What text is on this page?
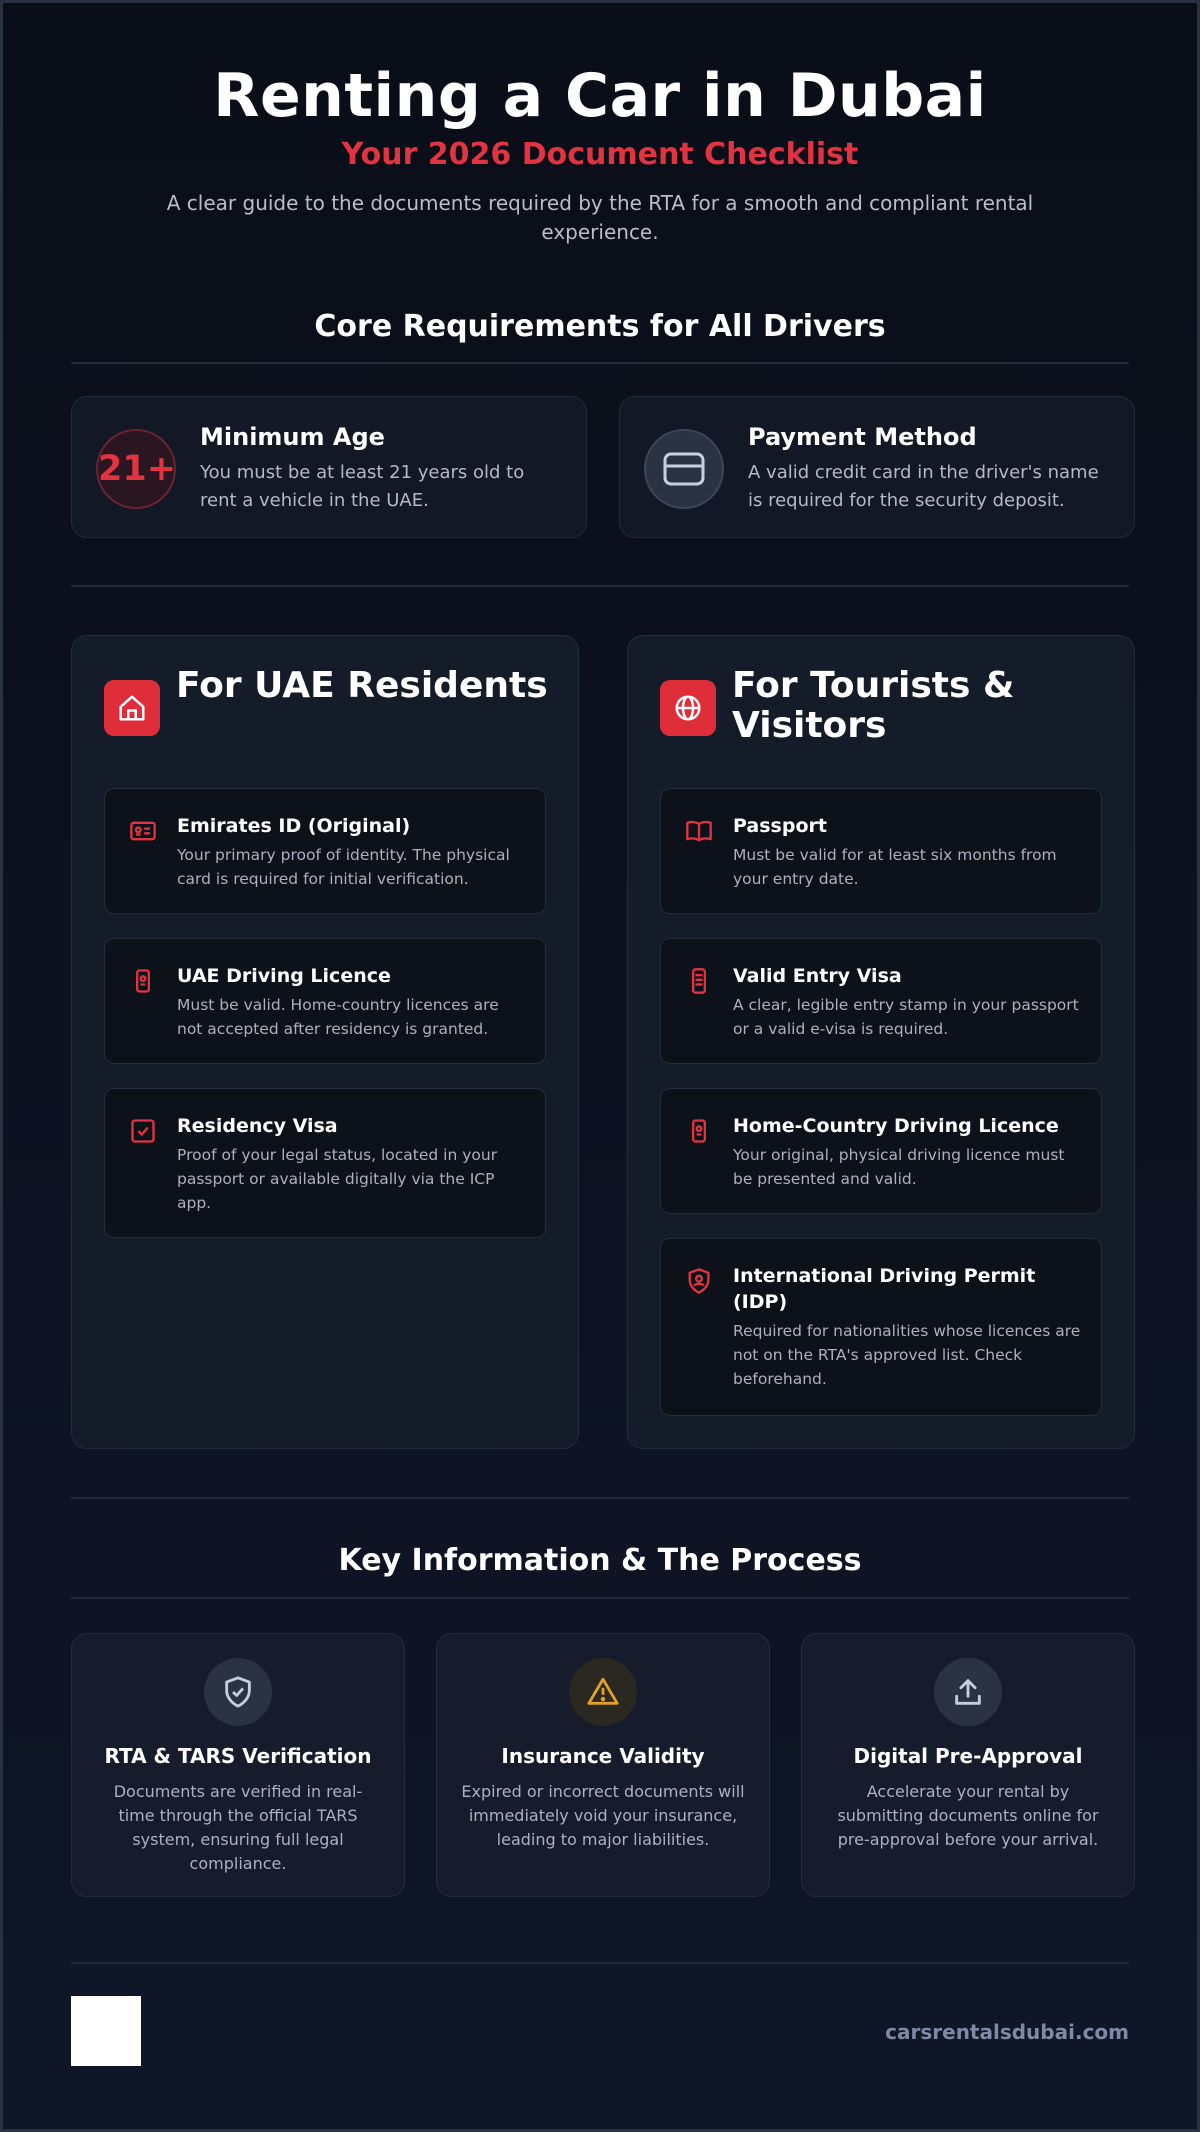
Renting a Car in Dubai
Your 2026 Document Checklist

A clear guide to the documents required by the RTA for a smooth and compliant rental experience.

Core Requirements for All Drivers
21+
Minimum Age
You must be at least 21 years old to rent a vehicle in the UAE.
Payment Method
A valid credit card in the driver's name is required for the security deposit.
For UAE Residents
Emirates ID (Original)
Your primary proof of identity. The physical card is required for initial verification.
UAE Driving Licence
Must be valid. Home-country licences are not accepted after residency is granted.
Residency Visa
Proof of your legal status, located in your passport or available digitally via the ICP app.
For Tourists & Visitors
Passport
Must be valid for at least six months from your entry date.
Valid Entry Visa
A clear, legible entry stamp in your passport or a valid e-visa is required.
Home-Country Driving Licence
Your original, physical driving licence must be presented and valid.
International Driving Permit (IDP)
Required for nationalities whose licences are not on the RTA's approved list. Check beforehand.
Key Information & The Process
RTA & TARS Verification
Documents are verified in real-time through the official TARS system, ensuring full legal compliance.
Insurance Validity
Expired or incorrect documents will immediately void your insurance, leading to major liabilities.
Digital Pre-Approval
Accelerate your rental by submitting documents online for pre-approval before your arrival.
carsrentalsdubai.com
